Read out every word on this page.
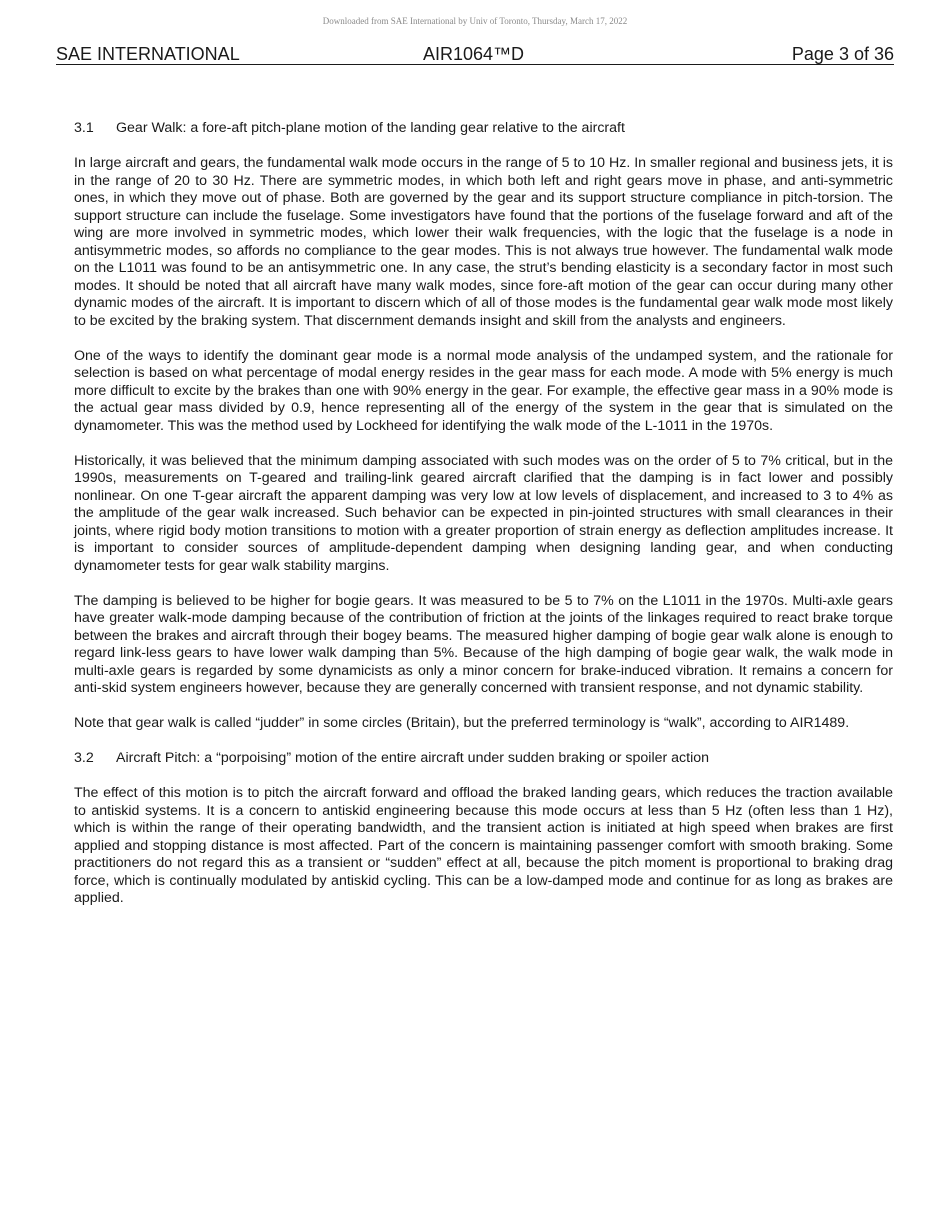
Downloaded from SAE International by Univ of Toronto, Thursday, March 17, 2022
SAE INTERNATIONAL	AIR1064™D	Page 3 of 36
3.1 Gear Walk: a fore-aft pitch-plane motion of the landing gear relative to the aircraft

In large aircraft and gears, the fundamental walk mode occurs in the range of 5 to 10 Hz. In smaller regional and business jets, it is in the range of 20 to 30 Hz. There are symmetric modes, in which both left and right gears move in phase, and anti-symmetric ones, in which they move out of phase. Both are governed by the gear and its support structure compliance in pitch-torsion. The support structure can include the fuselage. Some investigators have found that the portions of the fuselage forward and aft of the wing are more involved in symmetric modes, which lower their walk frequencies, with the logic that the fuselage is a node in antisymmetric modes, so affords no compliance to the gear modes. This is not always true however. The fundamental walk mode on the L1011 was found to be an antisymmetric one. In any case, the strut’s bending elasticity is a secondary factor in most such modes. It should be noted that all aircraft have many walk modes, since fore-aft motion of the gear can occur during many other dynamic modes of the aircraft. It is important to discern which of all of those modes is the fundamental gear walk mode most likely to be excited by the braking system. That discernment demands insight and skill from the analysts and engineers.

One of the ways to identify the dominant gear mode is a normal mode analysis of the undamped system, and the rationale for selection is based on what percentage of modal energy resides in the gear mass for each mode. A mode with 5% energy is much more difficult to excite by the brakes than one with 90% energy in the gear. For example, the effective gear mass in a 90% mode is the actual gear mass divided by 0.9, hence representing all of the energy of the system in the gear that is simulated on the dynamometer. This was the method used by Lockheed for identifying the walk mode of the L-1011 in the 1970s.

Historically, it was believed that the minimum damping associated with such modes was on the order of 5 to 7% critical, but in the 1990s, measurements on T-geared and trailing-link geared aircraft clarified that the damping is in fact lower and possibly nonlinear. On one T-gear aircraft the apparent damping was very low at low levels of displacement, and increased to 3 to 4% as the amplitude of the gear walk increased. Such behavior can be expected in pin-jointed structures with small clearances in their joints, where rigid body motion transitions to motion with a greater proportion of strain energy as deflection amplitudes increase. It is important to consider sources of amplitude-dependent damping when designing landing gear, and when conducting dynamometer tests for gear walk stability margins.

The damping is believed to be higher for bogie gears. It was measured to be 5 to 7% on the L1011 in the 1970s. Multi-axle gears have greater walk-mode damping because of the contribution of friction at the joints of the linkages required to react brake torque between the brakes and aircraft through their bogey beams. The measured higher damping of bogie gear walk alone is enough to regard link-less gears to have lower walk damping than 5%. Because of the high damping of bogie gear walk, the walk mode in multi-axle gears is regarded by some dynamicists as only a minor concern for brake-induced vibration. It remains a concern for anti-skid system engineers however, because they are generally concerned with transient response, and not dynamic stability.

Note that gear walk is called “judder” in some circles (Britain), but the preferred terminology is “walk”, according to AIR1489.

3.2 Aircraft Pitch: a “porpoising” motion of the entire aircraft under sudden braking or spoiler action

The effect of this motion is to pitch the aircraft forward and offload the braked landing gears, which reduces the traction available to antiskid systems. It is a concern to antiskid engineering because this mode occurs at less than 5 Hz (often less than 1 Hz), which is within the range of their operating bandwidth, and the transient action is initiated at high speed when brakes are first applied and stopping distance is most affected. Part of the concern is maintaining passenger comfort with smooth braking. Some practitioners do not regard this as a transient or “sudden” effect at all, because the pitch moment is proportional to braking drag force, which is continually modulated by antiskid cycling. This can be a low-damped mode and continue for as long as brakes are applied.
